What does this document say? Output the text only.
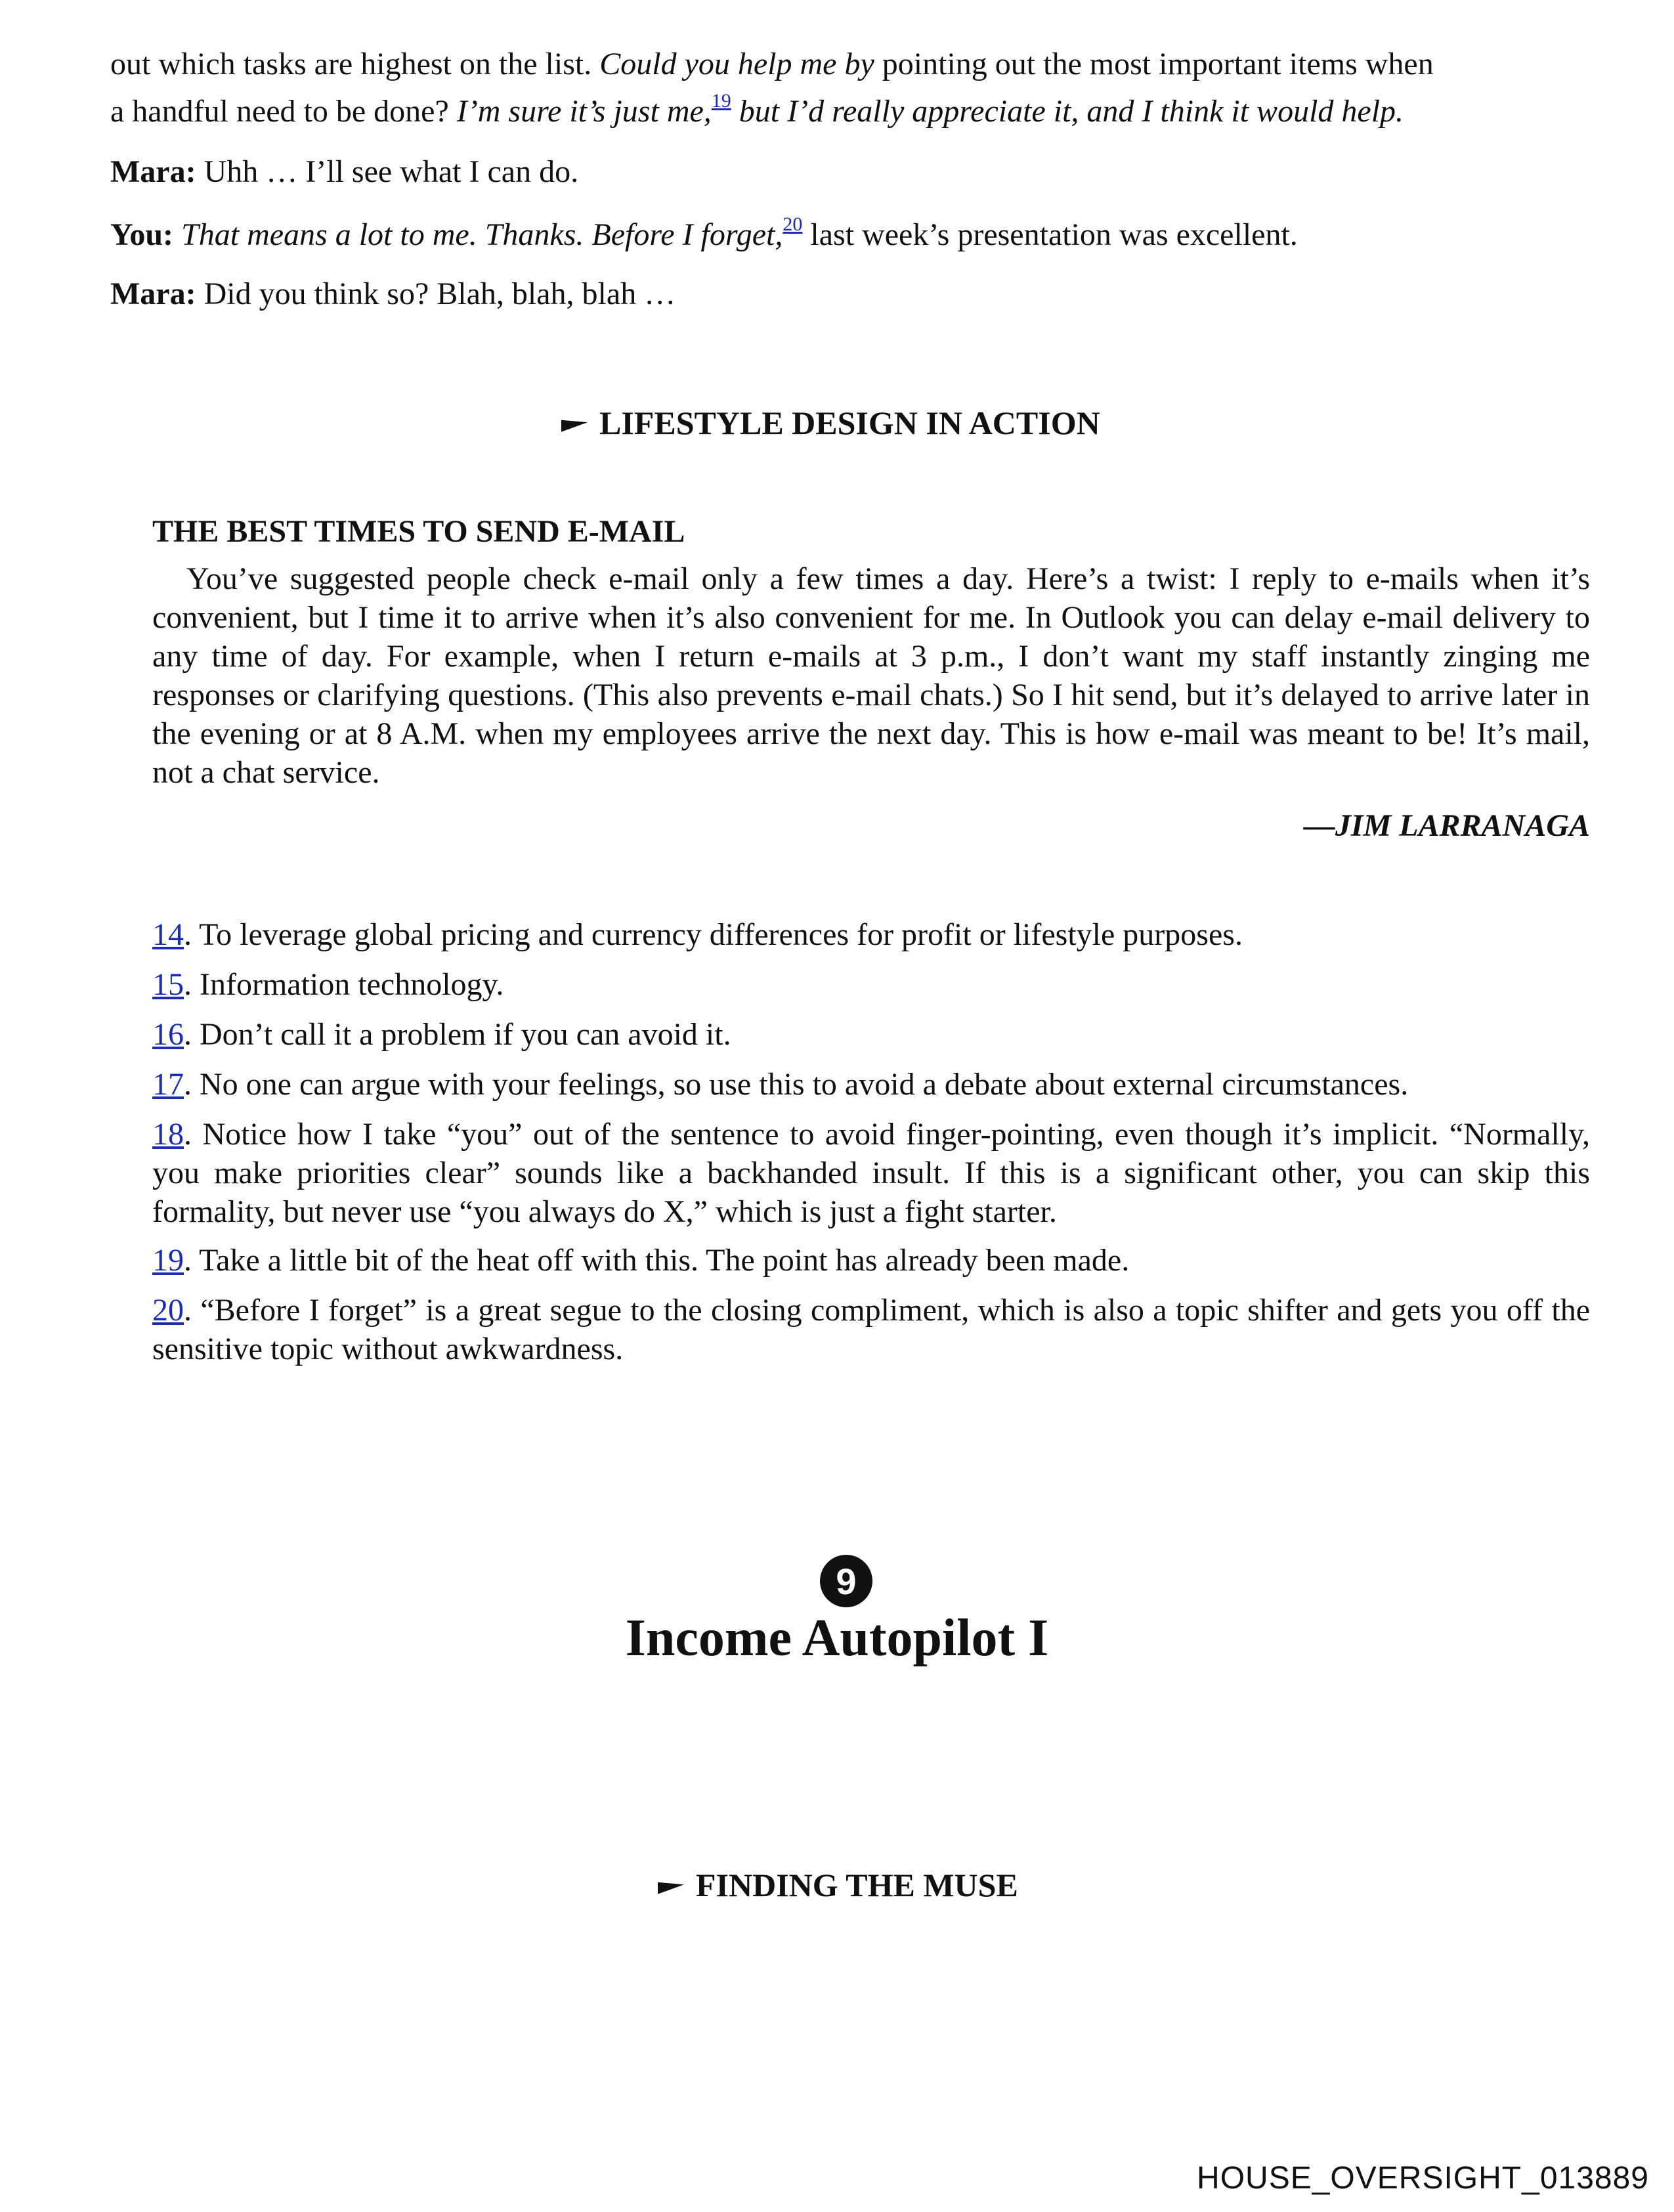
out which tasks are highest on the list. Could you help me by pointing out the most important items when
a handful need to be done? I’m sure it’s just me,$^{19}$ but I’d really appreciate it, and I think it would help.
Mara: Uhh … I’ll see what I can do.
You: That means a lot to me. Thanks. Before I forget,$^{20}$ last week’s presentation was excellent.
Mara: Did you think so? Blah, blah, blah …
LIFESTYLE DESIGN IN ACTION
THE BEST TIMES TO SEND E-MAIL
You’ve suggested people check e-mail only a few times a day. Here’s a twist: I reply to e-mails when it’s convenient, but I time it to arrive when it’s also convenient for me. In Outlook you can delay e-mail delivery to any time of day. For example, when I return e-mails at 3 p.m., I don’t want my staff instantly zinging me responses or clarifying questions. (This also prevents e-mail chats.) So I hit send, but it’s delayed to arrive later in the evening or at 8 A.M. when my employees arrive the next day. This is how e-mail was meant to be! It’s mail, not a chat service.
—JIM LARRANAGA
14. To leverage global pricing and currency differences for profit or lifestyle purposes.
15. Information technology.
16. Don’t call it a problem if you can avoid it.
17. No one can argue with your feelings, so use this to avoid a debate about external circumstances.
18. Notice how I take “you” out of the sentence to avoid finger-pointing, even though it’s implicit. “Normally, you make priorities clear” sounds like a backhanded insult. If this is a significant other, you can skip this formality, but never use “you always do X,” which is just a fight starter.
19. Take a little bit of the heat off with this. The point has already been made.
20. “Before I forget” is a great segue to the closing compliment, which is also a topic shifter and gets you off the sensitive topic without awkwardness.
9
Income Autopilot I
FINDING THE MUSE
HOUSE_OVERSIGHT_013889
